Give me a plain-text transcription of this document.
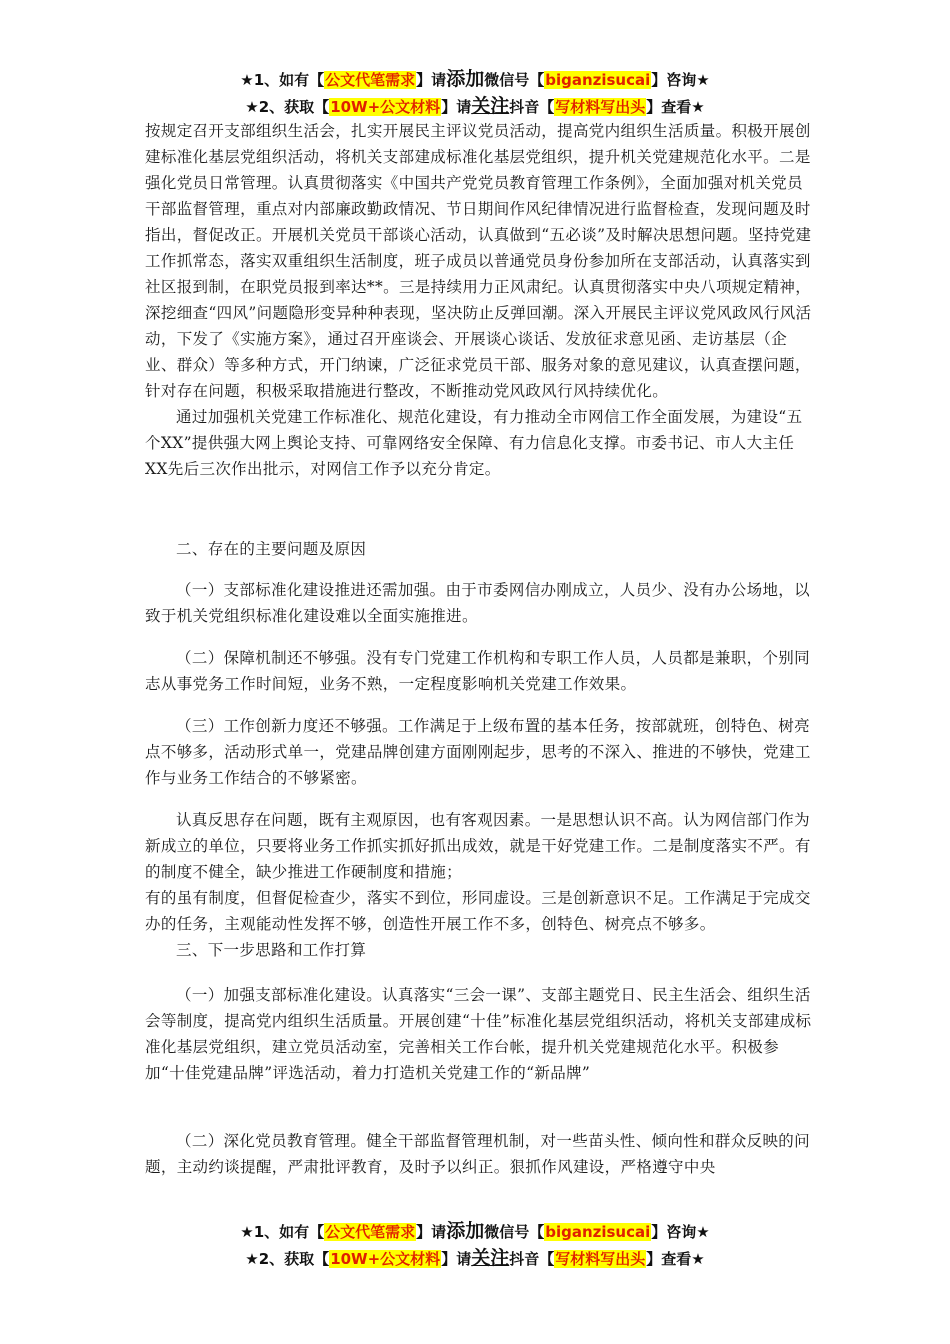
★1、如有【公文代笔需求】请添加微信号【biganzisucai】咨询★
★2、获取【10W+公文材料】请关注抖音【写材料写出头】查看★

按规定召开支部组织生活会，扎实开展民主评议党员活动，提高党内组织生活质量。积极开展创建标准化基层党组织活动，将机关支部建成标准化基层党组织，提升机关党建规范化水平。二是强化党员日常管理。认真贯彻落实《中国共产党党员教育管理工作条例》，全面加强对机关党员干部监督管理，重点对内部廉政勤政情况、节日期间作风纪律情况进行监督检查，发现问题及时指出，督促改正。开展机关党员干部谈心活动，认真做到“五必谈”及时解决思想问题。坚持党建工作抓常态，落实双重组织生活制度，班子成员以普通党员身份参加所在支部活动，认真落实到社区报到制，在职党员报到率达**。三是持续用力正风肃纪。认真贯彻落实中央八项规定精神，深挖细查“四风”问题隐形变异种种表现，坚决防止反弹回潮。深入开展民主评议党风政风行风活动，下发了《实施方案》，通过召开座谈会、开展谈心谈话、发放征求意见函、走访基层（企业、群众）等多种方式，开门纳谏，广泛征求党员干部、服务对象的意见建议，认真查摆问题，针对存在问题，积极采取措施进行整改，不断推动党风政风行风持续优化。

通过加强机关党建工作标准化、规范化建设，有力推动全市网信工作全面发展，为建设“五个XX”提供强大网上舆论支持、可靠网络安全保障、有力信息化支撑。市委书记、市人大主任XX先后三次作出批示，对网信工作予以充分肯定。

二、存在的主要问题及原因

（一）支部标准化建设推进还需加强。由于市委网信办刚成立，人员少、没有办公场地，以致于机关党组织标准化建设难以全面实施推进。

（二）保障机制还不够强。没有专门党建工作机构和专职工作人员，人员都是兼职，个别同志从事党务工作时间短，业务不熟，一定程度影响机关党建工作效果。

（三）工作创新力度还不够强。工作满足于上级布置的基本任务，按部就班，创特色、树亮点不够多，活动形式单一，党建品牌创建方面刚刚起步，思考的不深入、推进的不够快，党建工作与业务工作结合的不够紧密。

认真反思存在问题，既有主观原因，也有客观因素。一是思想认识不高。认为网信部门作为新成立的单位，只要将业务工作抓实抓好抓出成效，就是干好党建工作。二是制度落实不严。有的制度不健全，缺少推进工作硬制度和措施；

有的虽有制度，但督促检查少，落实不到位，形同虚设。三是创新意识不足。工作满足于完成交办的任务，主观能动性发挥不够，创造性开展工作不多，创特色、树亮点不够多。

三、下一步思路和工作打算

（一）加强支部标准化建设。认真落实“三会一课”、支部主题党日、民主生活会、组织生活会等制度，提高党内组织生活质量。开展创建“十佳”标准化基层党组织活动，将机关支部建成标准化基层党组织，建立党员活动室，完善相关工作台帐，提升机关党建规范化水平。积极参加“十佳党建品牌”评选活动，着力打造机关党建工作的“新品牌”

（二）深化党员教育管理。健全干部监督管理机制，对一些苗头性、倾向性和群众反映的问题，主动约谈提醒，严肃批评教育，及时予以纠正。狠抓作风建设，严格遵守中央

★1、如有【公文代笔需求】请添加微信号【biganzisucai】咨询★
★2、获取【10W+公文材料】请关注抖音【写材料写出头】查看★
